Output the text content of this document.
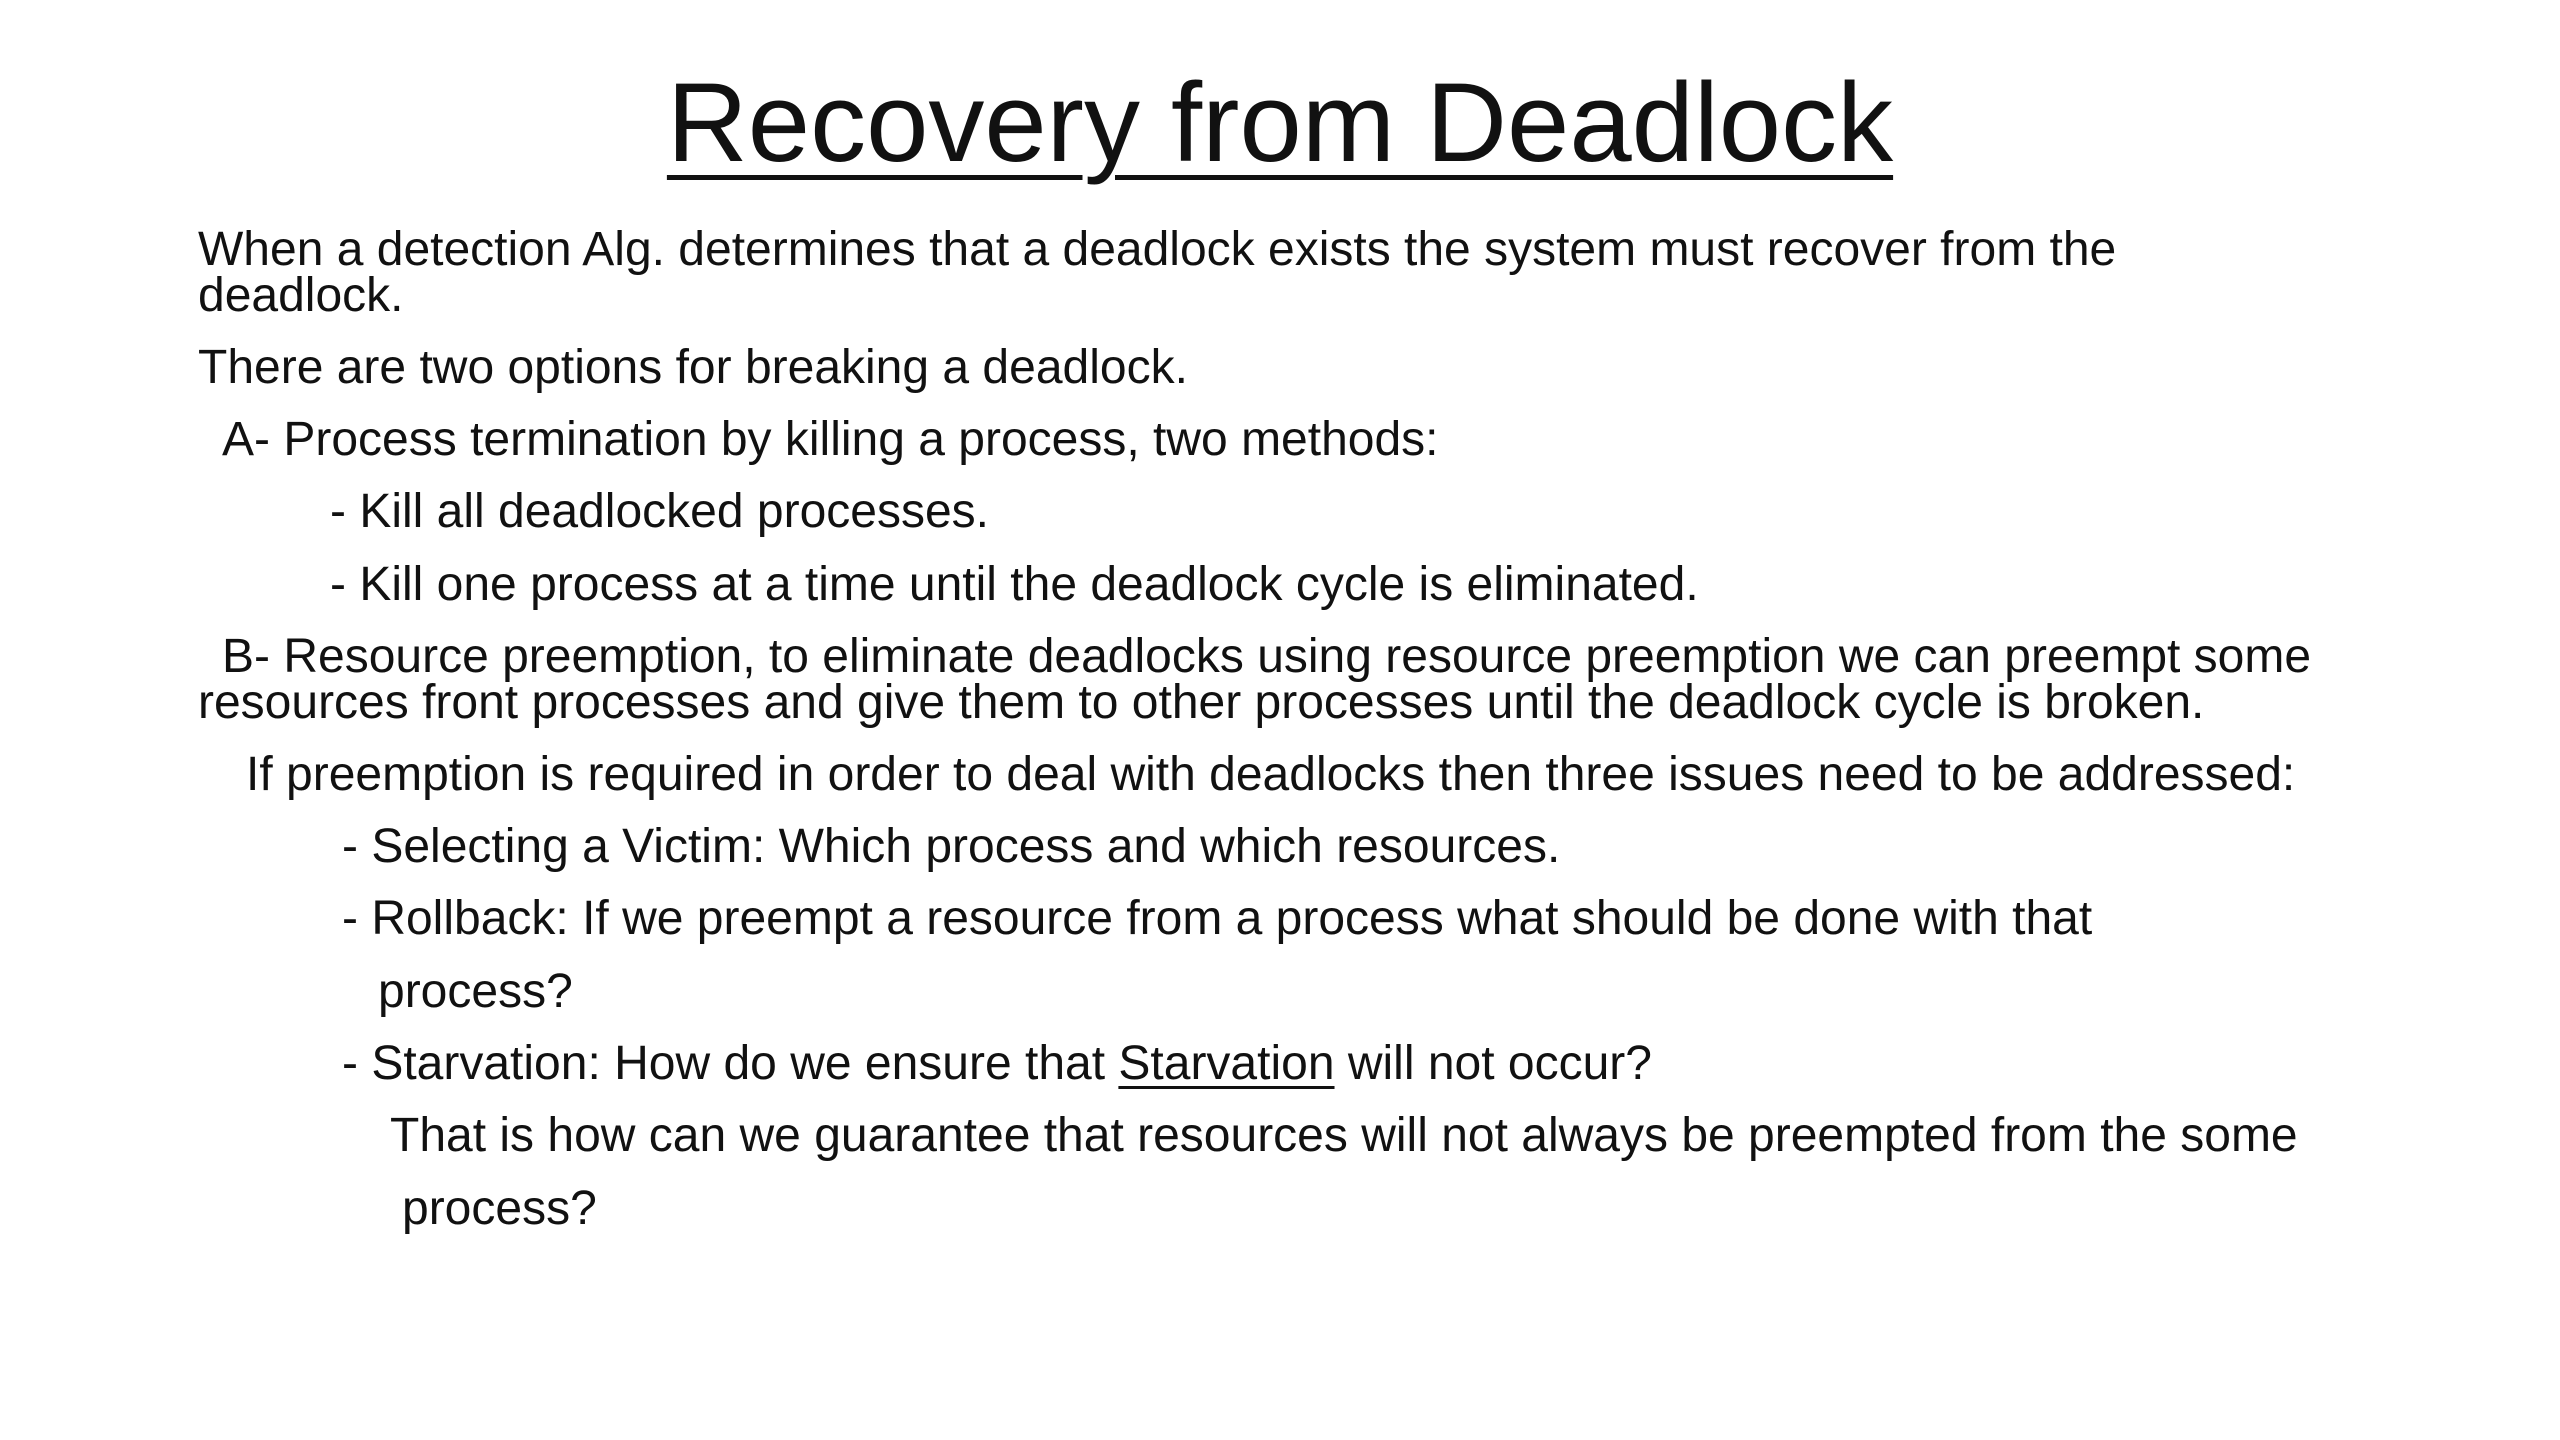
Recovery from Deadlock
When a detection Alg. determines that a deadlock exists the system must recover from the
deadlock.
There are two options for breaking a deadlock.
A- Process termination by killing a process, two methods:
- Kill all deadlocked processes.
- Kill one process at a time until the deadlock cycle is eliminated.
B- Resource preemption, to eliminate deadlocks using resource preemption we can preempt some
resources front processes and give them to other processes until the deadlock cycle is broken.
If preemption is required in order to deal with deadlocks then three issues need to be addressed:
- Selecting a Victim: Which process and which resources.
- Rollback: If we preempt a resource from a process what should be done with that
process?
- Starvation: How do we ensure that Starvation will not occur?
That is how can we guarantee that resources will not always be preempted from the some
process?
